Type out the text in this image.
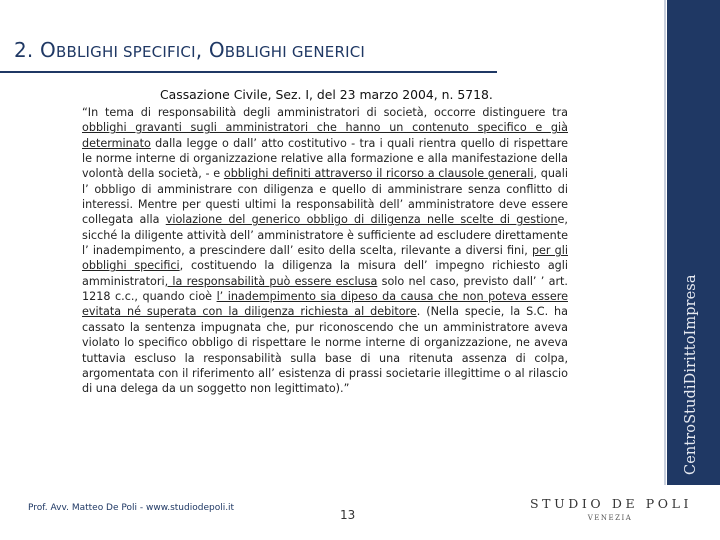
2. OBBLIGHI SPECIFICI, OBBLIGHI GENERICI
Cassazione Civile, Sez. I, del 23 marzo 2004, n. 5718.
“In tema di responsabilità degli amministratori di società, occorre distinguere tra obblighi gravanti sugli amministratori che hanno un contenuto specifico e già determinato dalla legge o dall’ atto costitutivo - tra i quali rientra quello di rispettare le norme interne di organizzazione relative alla formazione e alla manifestazione della volontà della società, - e obblighi definiti attraverso il ricorso a clausole generali, quali l’ obbligo di amministrare con diligenza e quello di amministrare senza conflitto di interessi. Mentre per questi ultimi la responsabilità dell’ amministratore deve essere collegata alla violazione del generico obbligo di diligenza nelle scelte di gestione, sicché la diligente attività dell’ amministratore è sufficiente ad escludere direttamente l’ inadempimento, a prescindere dall’ esito della scelta, rilevante a diversi fini, per gli obblighi specifici, costituendo la diligenza la misura dell’ impegno richiesto agli amministratori, la responsabilità può essere esclusa solo nel caso, previsto dall’ ’ art. 1218 c.c., quando cioè l’ inadempimento sia dipeso da causa che non poteva essere evitata né superata con la diligenza richiesta al debitore. (Nella specie, la S.C. ha cassato la sentenza impugnata che, pur riconoscendo che un amministratore aveva violato lo specifico obbligo di rispettare le norme interne di organizzazione, ne aveva tuttavia escluso la responsabilità sulla base di una ritenuta assenza di colpa, argomentata con il riferimento all’ esistenza di prassi societarie illegittime o al rilascio di una delega da un soggetto non legittimato).”	CentroStudiDirittoImpresa
Prof. Avv. Matteo De Poli - www.studiodepoli.it	13
STUDIO DE POLI
VENEZIA
